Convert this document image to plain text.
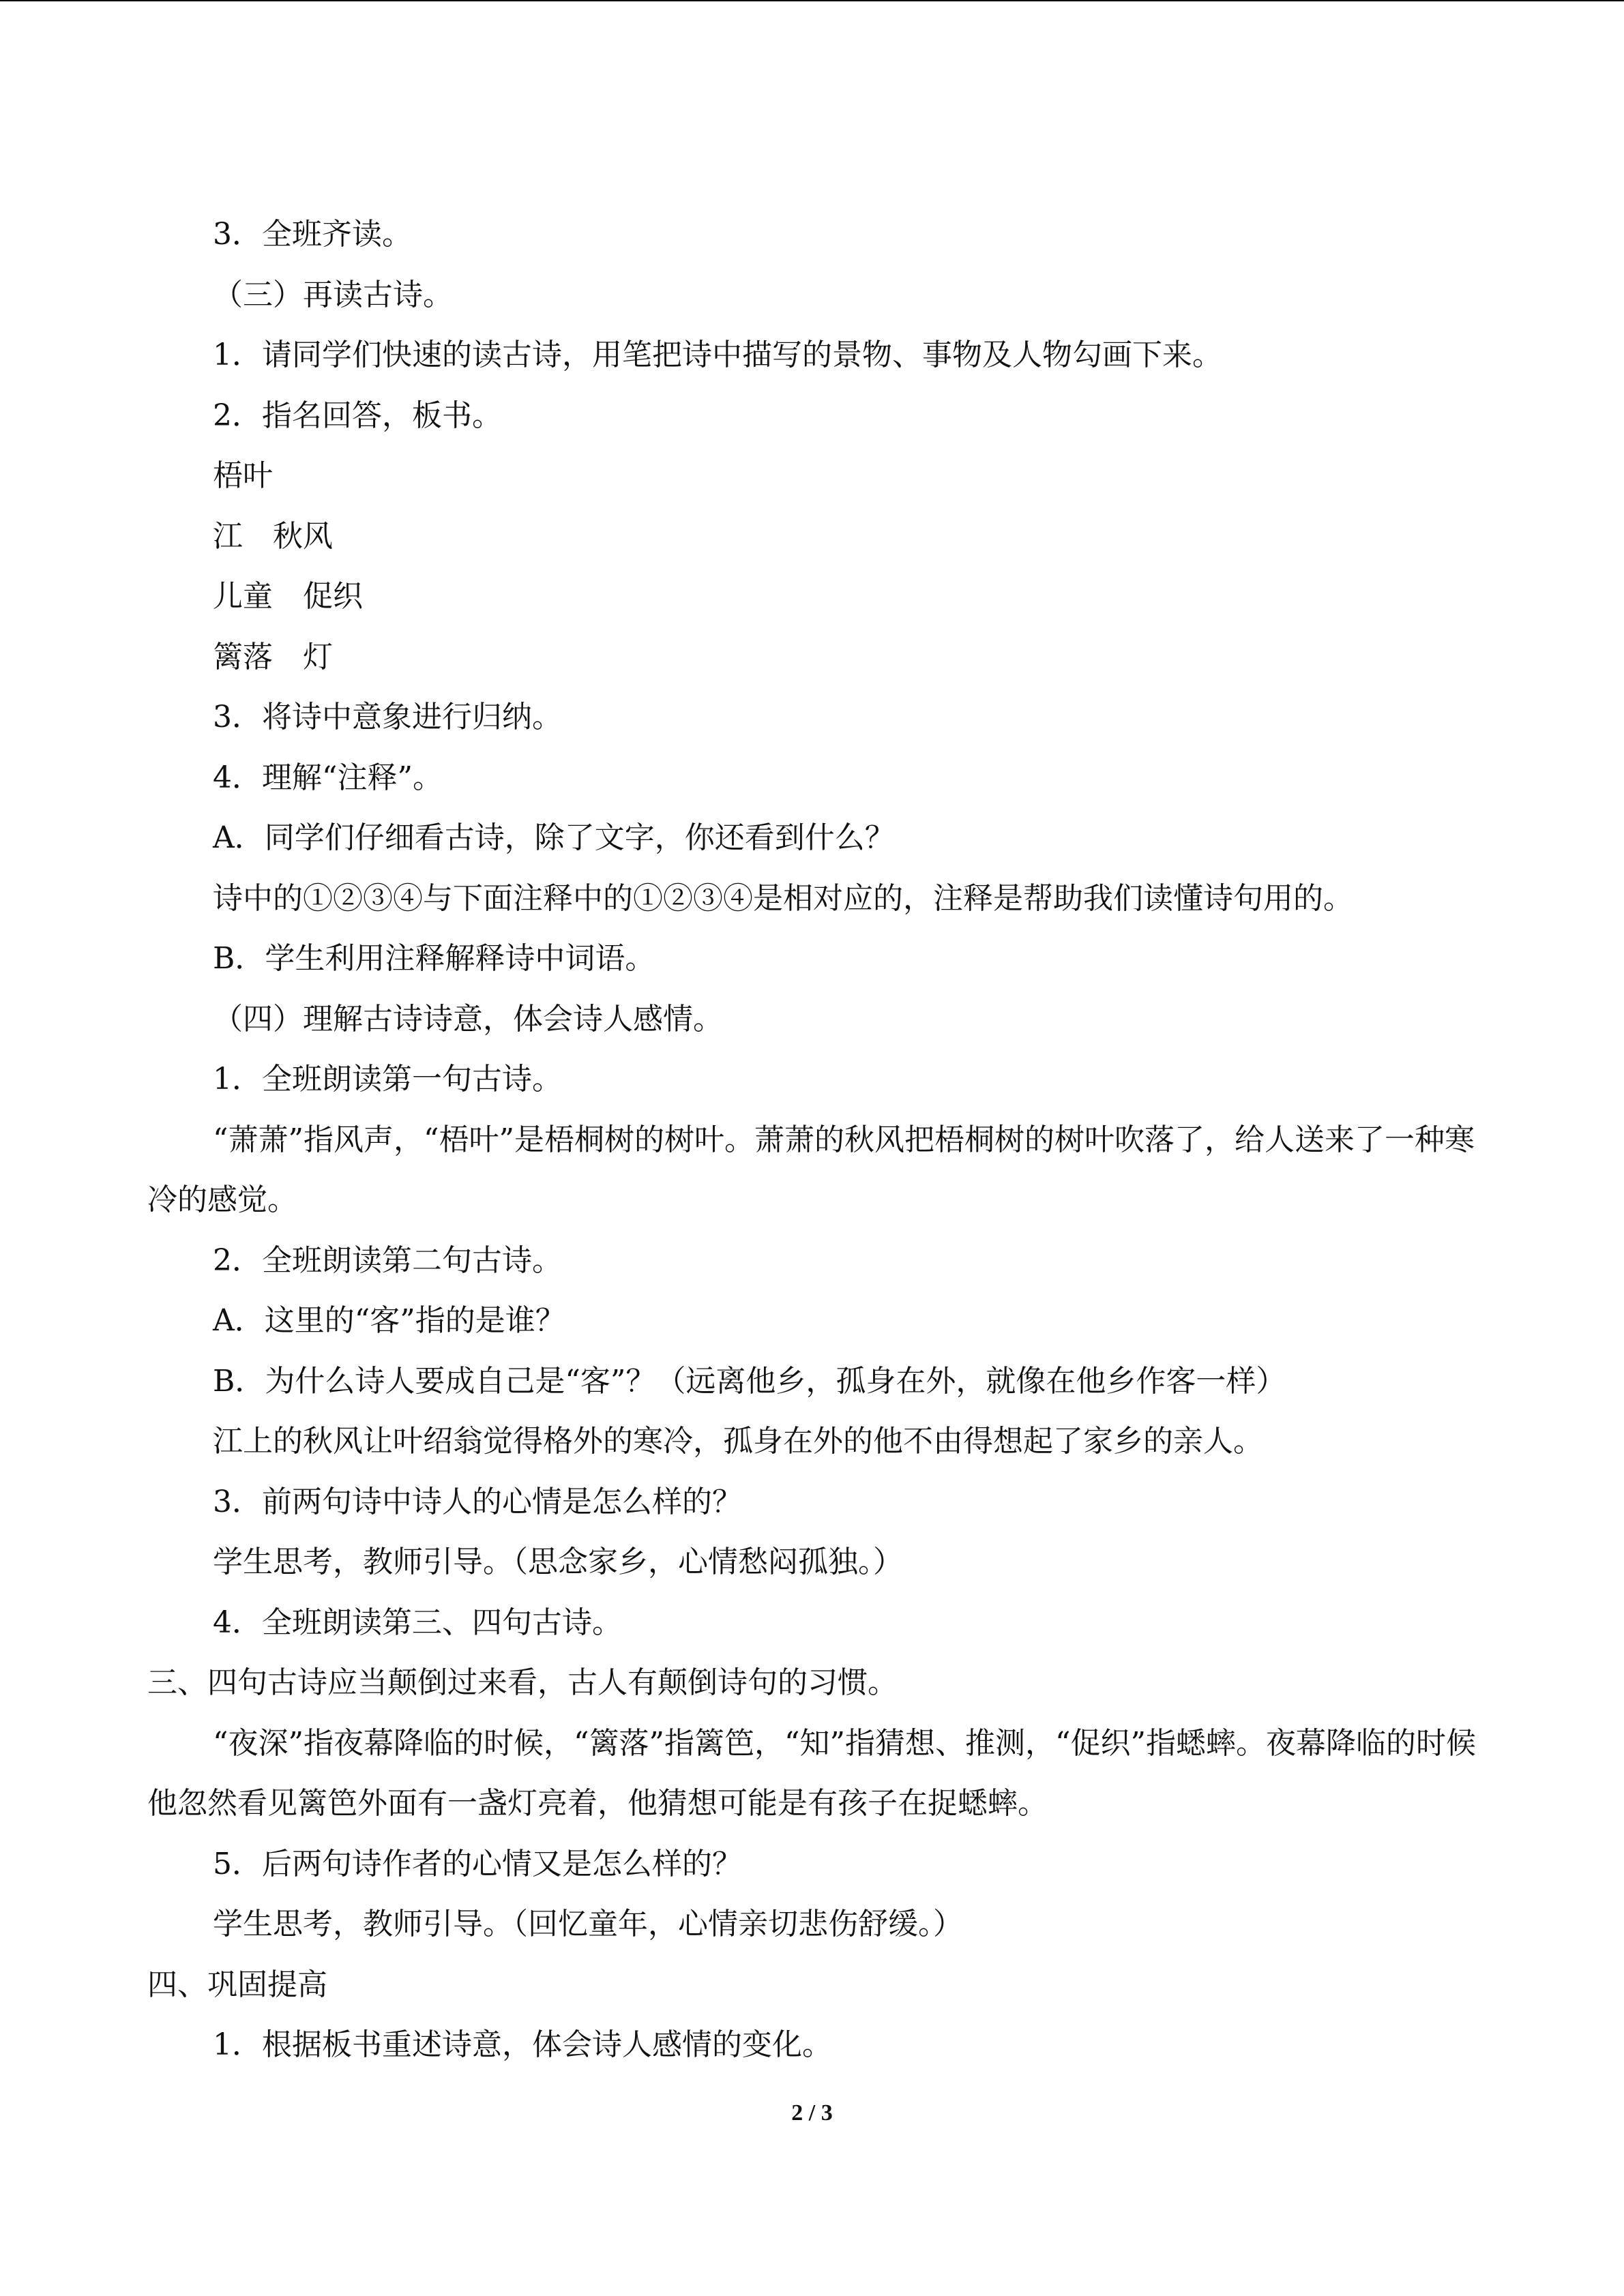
3．全班齐读。
（三）再读古诗。
1．请同学们快速的读古诗，用笔把诗中描写的景物、事物及人物勾画下来。
2．指名回答，板书。
梧叶
江　秋风
儿童　促织
篱落　灯
3．将诗中意象进行归纳。
4．理解“注释”。
A．同学们仔细看古诗，除了文字，你还看到什么？
诗中的①②③④与下面注释中的①②③④是相对应的，注释是帮助我们读懂诗句用的。
B．学生利用注释解释诗中词语。
（四）理解古诗诗意，体会诗人感情。
1．全班朗读第一句古诗。

“萧萧”指风声，“梧叶”是梧桐树的树叶。萧萧的秋风把梧桐树的树叶吹落了，给人送来了一种寒冷的感觉。

2．全班朗读第二句古诗。
A．这里的“客”指的是谁？
B．为什么诗人要成自己是“客”？（远离他乡，孤身在外，就像在他乡作客一样）
江上的秋风让叶绍翁觉得格外的寒冷，孤身在外的他不由得想起了家乡的亲人。
3．前两句诗中诗人的心情是怎么样的？
学生思考，教师引导。（思念家乡，心情愁闷孤独。）
4．全班朗读第三、四句古诗。
三、四句古诗应当颠倒过来看，古人有颠倒诗句的习惯。

“夜深”指夜幕降临的时候，“篱落”指篱笆，“知”指猜想、推测，“促织”指蟋蟀。夜幕降临的时候他忽然看见篱笆外面有一盏灯亮着，他猜想可能是有孩子在捉蟋蟀。

5．后两句诗作者的心情又是怎么样的？
学生思考，教师引导。（回忆童年，心情亲切悲伤舒缓。）
四、巩固提高
1．根据板书重述诗意，体会诗人感情的变化。
2 / 3
